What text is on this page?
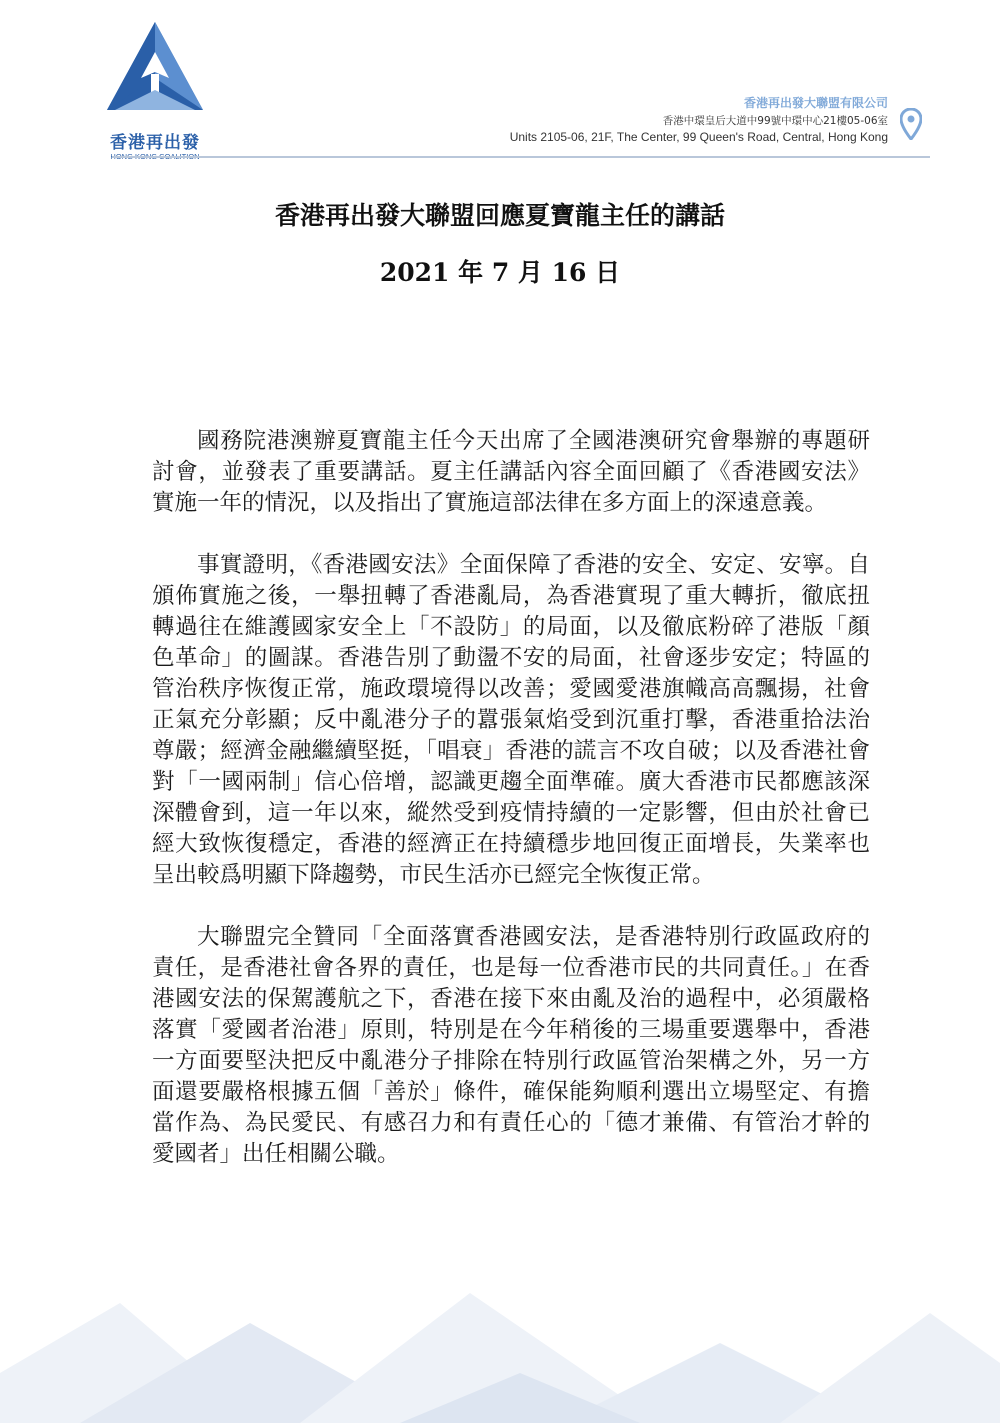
香港再出發
香港再出發大聯盟有限公司
香港中環皇后大道中99號中環中心21樓05-06室
Units 2105-06, 21F, The Center, 99 Queen's Road, Central, Hong Kong
香港再出發大聯盟回應夏寶龍主任的講話
2021 年 7 月 16 日

國務院港澳辦夏寶龍主任今天出席了全國港澳研究會舉辦的專題研討會，並發表了重要講話。夏主任講話內容全面回顧了《香港國安法》實施一年的情況，以及指出了實施這部法律在多方面上的深遠意義。

事實證明，《香港國安法》全面保障了香港的安全、安定、安寧。自頒佈實施之後，一舉扭轉了香港亂局，為香港實現了重大轉折，徹底扭轉過往在維護國家安全上「不設防」的局面，以及徹底粉碎了港版「顏色革命」的圖謀。香港告別了動盪不安的局面，社會逐步安定；特區的管治秩序恢復正常，施政環境得以改善；愛國愛港旗幟高高飄揚，社會正氣充分彰顯；反中亂港分子的囂張氣焰受到沉重打擊，香港重拾法治尊嚴；經濟金融繼續堅挺，「唱衰」香港的謊言不攻自破；以及香港社會對「一國兩制」信心倍增，認識更趨全面準確。廣大香港市民都應該深深體會到，這一年以來，縱然受到疫情持續的一定影響，但由於社會已經大致恢復穩定，香港的經濟正在持續穩步地回復正面增長，失業率也呈出較爲明顯下降趨勢，市民生活亦已經完全恢復正常。

大聯盟完全贊同「全面落實香港國安法，是香港特別行政區政府的責任，是香港社會各界的責任，也是每一位香港市民的共同責任。」在香港國安法的保駕護航之下，香港在接下來由亂及治的過程中，必須嚴格落實「愛國者治港」原則，特別是在今年稍後的三場重要選舉中，香港一方面要堅決把反中亂港分子排除在特別行政區管治架構之外，另一方面還要嚴格根據五個「善於」條件，確保能夠順利選出立場堅定、有擔當作為、為民愛民、有感召力和有責任心的「德才兼備、有管治才幹的愛國者」出任相關公職。
